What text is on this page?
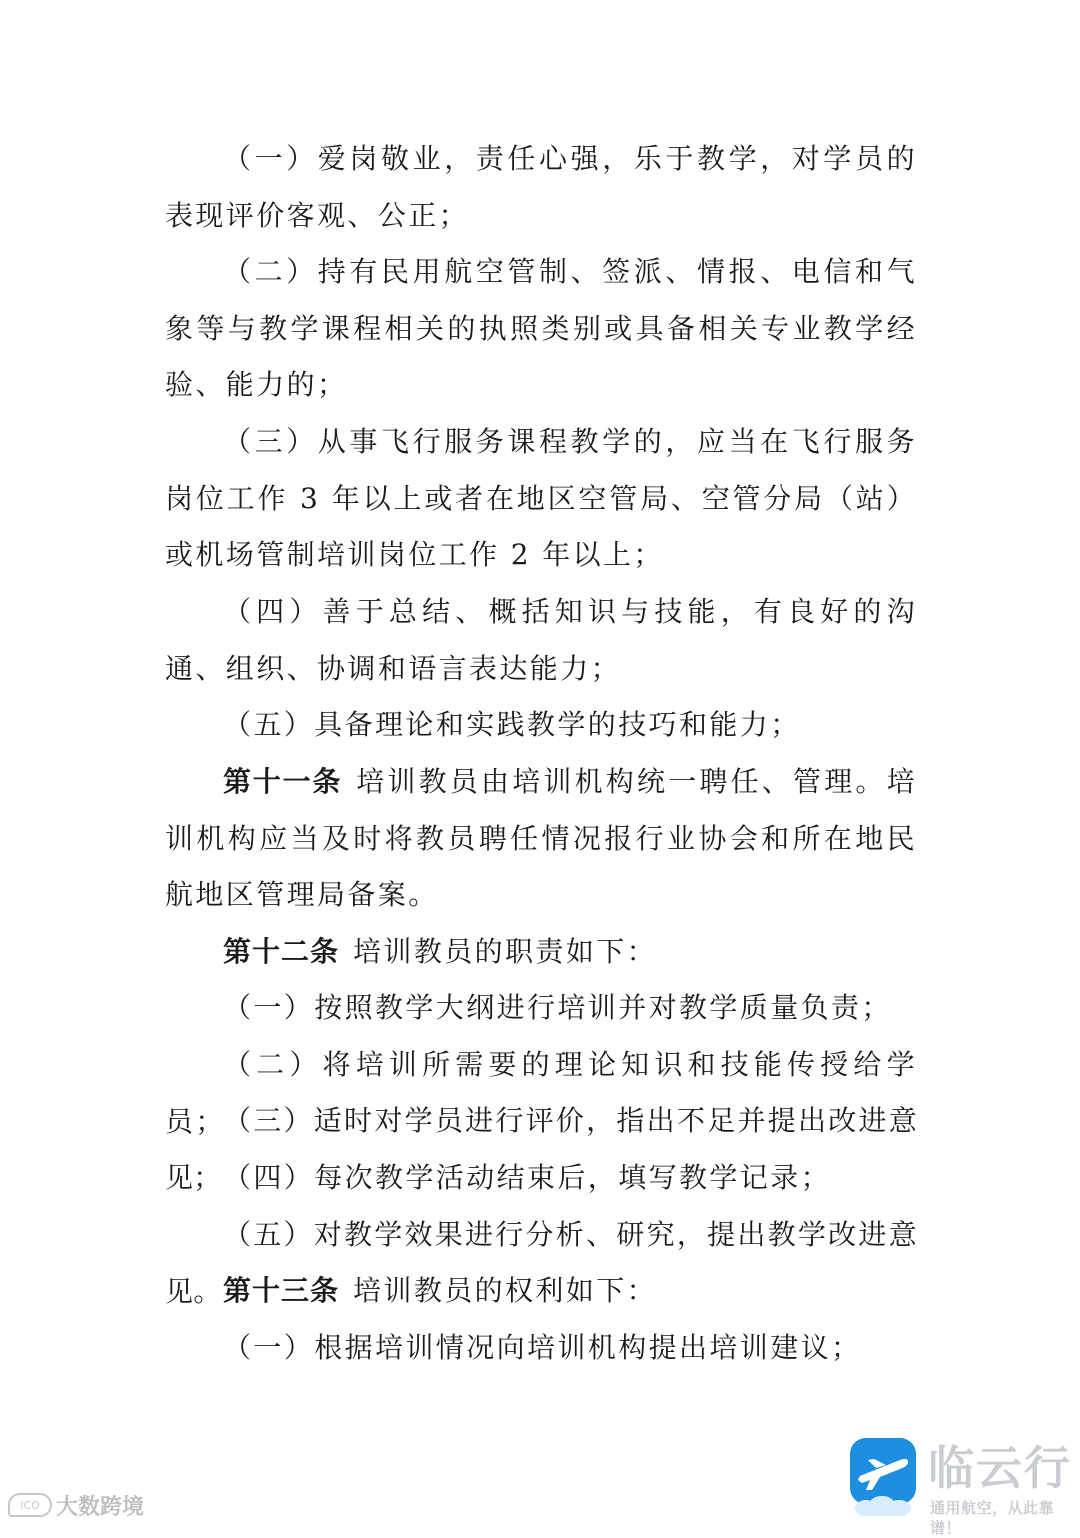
（一）爱岗敬业，责任心强，乐于教学，对学员的表现评价客观、公正；

（二）持有民用航空管制、签派、情报、电信和气象等与教学课程相关的执照类别或具备相关专业教学经验、能力的；

（三）从事飞行服务课程教学的，应当在飞行服务岗位工作 3 年以上或者在地区空管局、空管分局（站）或机场管制培训岗位工作 2 年以上；

（四）善于总结、概括知识与技能，有良好的沟通、组织、协调和语言表达能力；

（五）具备理论和实践教学的技巧和能力；

第十一条 培训教员由培训机构统一聘任、管理。培训机构应当及时将教员聘任情况报行业协会和所在地民航地区管理局备案。

第十二条 培训教员的职责如下：

（一）按照教学大纲进行培训并对教学质量负责；

（二）将培训所需要的理论知识和技能传授给学员；

（三）适时对学员进行评价，指出不足并提出改进意见； （四）每次教学活动结束后，填写教学记录；

（五）对教学效果进行分析、研究，提出教学改进意见。 第十三条 培训教员的权利如下：

（一）根据培训情况向培训机构提出培训建议；

ICO 大数跨境
临云行
通用航空，从此靠谱！
